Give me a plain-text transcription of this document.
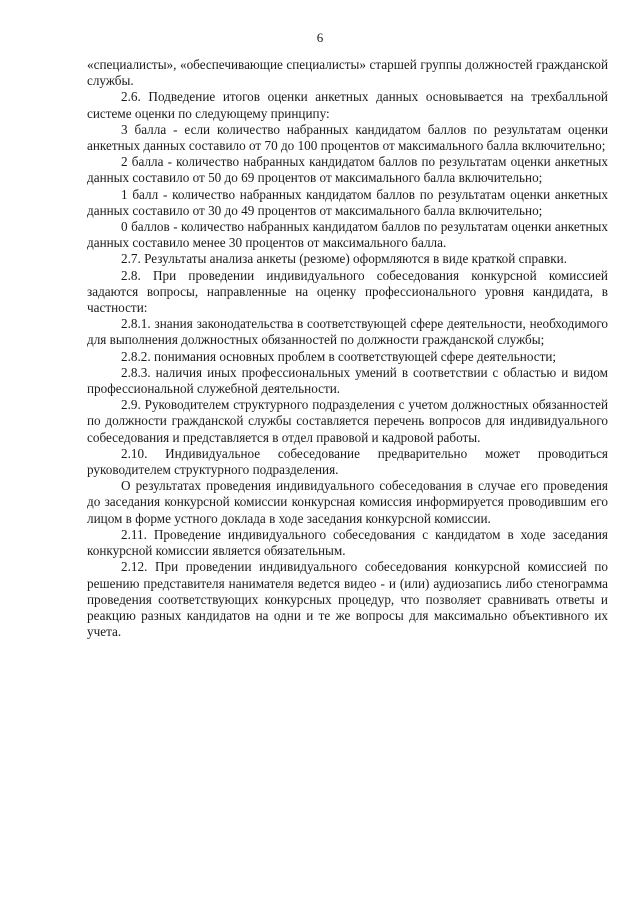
6

«специалисты», «обеспечивающие специалисты» старшей группы должностей гражданской службы.

2.6. Подведение итогов оценки анкетных данных основывается на трехбалльной системе оценки по следующему принципу:

3 балла - если количество набранных кандидатом баллов по результатам оценки анкетных данных составило от 70 до 100 процентов от максимального балла включительно;

2 балла - количество набранных кандидатом баллов по результатам оценки анкетных данных составило от 50 до 69 процентов от максимального балла включительно;

1 балл - количество набранных кандидатом баллов по результатам оценки анкетных данных составило от 30 до 49 процентов от максимального балла включительно;

0 баллов - количество набранных кандидатом баллов по результатам оценки анкетных данных составило менее 30 процентов от максимального балла.

2.7. Результаты анализа анкеты (резюме) оформляются в виде краткой справки.

2.8. При проведении индивидуального собеседования конкурсной комиссией задаются вопросы, направленные на оценку профессионального уровня кандидата, в частности:

2.8.1. знания законодательства в соответствующей сфере деятельности, необходимого для выполнения должностных обязанностей по должности гражданской службы;

2.8.2. понимания основных проблем в соответствующей сфере деятельности;

2.8.3. наличия иных профессиональных умений в соответствии с областью и видом профессиональной служебной деятельности.

2.9. Руководителем структурного подразделения с учетом должностных обязанностей по должности гражданской службы составляется перечень вопросов для индивидуального собеседования и представляется в отдел правовой и кадровой работы.

2.10. Индивидуальное собеседование предварительно может проводиться руководителем структурного подразделения.

О результатах проведения индивидуального собеседования в случае его проведения до заседания конкурсной комиссии конкурсная комиссия информируется проводившим его лицом в форме устного доклада в ходе заседания конкурсной комиссии.

2.11. Проведение индивидуального собеседования с кандидатом в ходе заседания конкурсной комиссии является обязательным.

2.12. При проведении индивидуального собеседования конкурсной комиссией по решению представителя нанимателя ведется видео - и (или) аудиозапись либо стенограмма проведения соответствующих конкурсных процедур, что позволяет сравнивать ответы и реакцию разных кандидатов на одни и те же вопросы для максимально объективного их учета.
